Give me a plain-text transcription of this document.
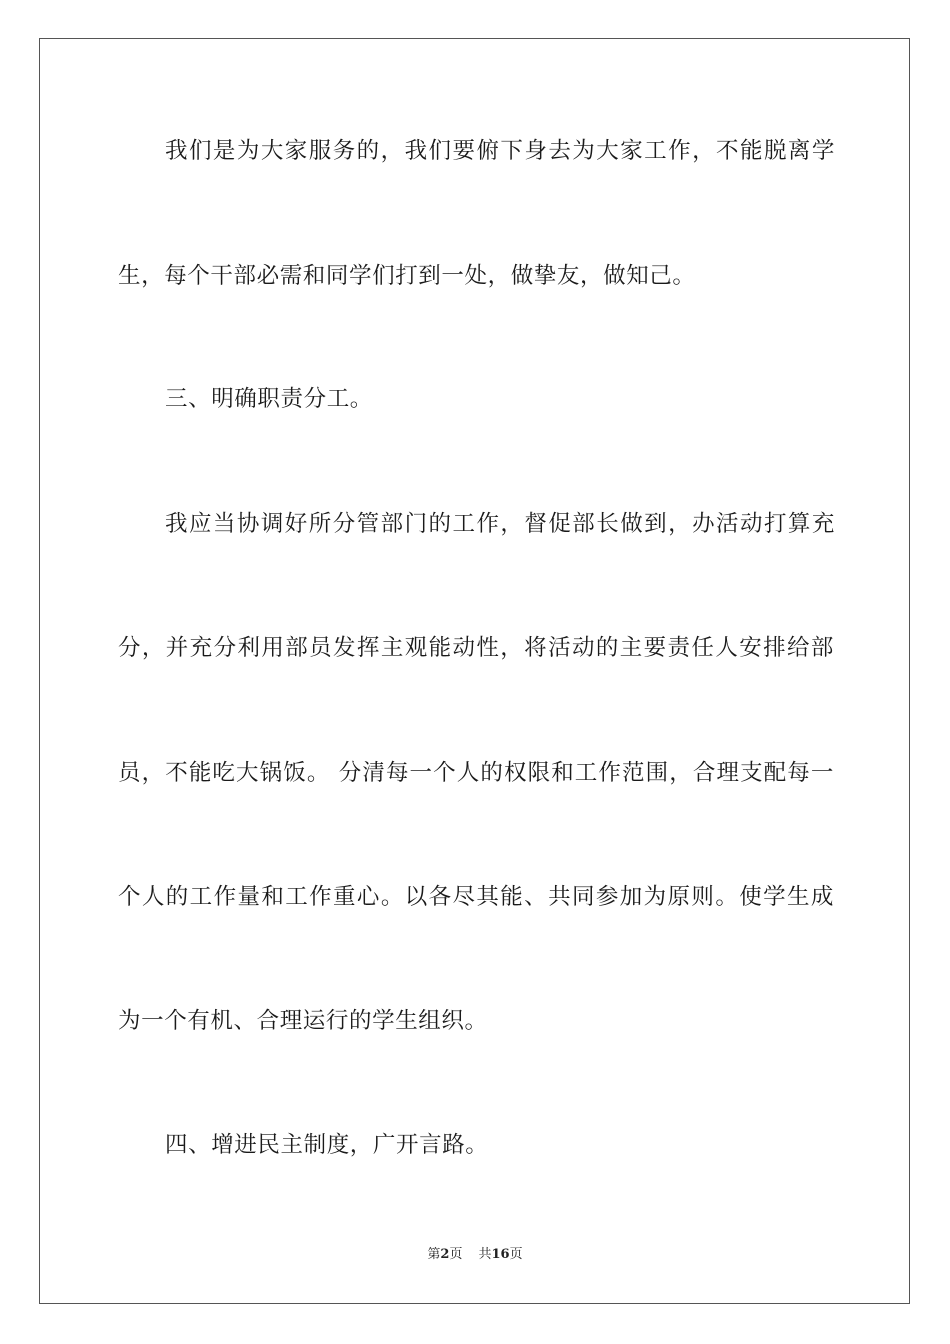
我们是为大家服务的，我们要俯下身去为大家工作，不能脱离学
生，每个干部必需和同学们打到一处，做挚友，做知己。
三、明确职责分工。
我应当协调好所分管部门的工作，督促部长做到，办活动打算充
分，并充分利用部员发挥主观能动性，将活动的主要责任人安排给部
员，不能吃大锅饭。 分清每一个人的权限和工作范围，合理支配每一
个人的工作量和工作重心。以各尽其能、共同参加为原则。使学生成
为一个有机、合理运行的学生组织。
四、增进民主制度，广开言路。
第2页 共16页
